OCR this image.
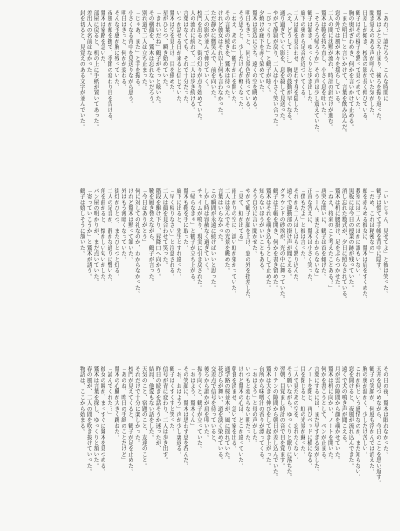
「あれ？」誰だろう、こんな時間に
鷲木はふと立ち止まり、後ろを振り返った。
聞き覚えのある声が呼んでいた気がした。
日差しが傾き、校舎の影が長く伸びている。
鶴子はその様子を黙って見つめていた。
胸の奥がざわめき、何かを言いかけて止める。
「また明日」と言いかけて、言葉を飲み込んだ。
窓の外では風が木々を揺らしている。
二人の間に沈黙が流れ、時計の針だけが進む。
鷲木は鞄を持ち直し、小さく息を吐いた。
「そろそろ帰ろうか」その声は少し震えていた。
鶴子は頷き、ゆっくりと歩き出した。
廊下の奥から足音が近づいてくる。
二人は顔を見合わせ、思わず身を隠した。
（え、どうして……）胸の鼓動が早くなる。
通り過ぎていく影を、息を殺して見送った。
やがて静寂が戻り、二人は小さく笑い合った。
「びっくりした」と鶴子が呟く。
夕焼けが廊下を赤く染めていた。
鷲木は窓辺に立ち、遠くの空を眺める。
明日もきっと、同じ景色が待っている。
そう思うと、少しだけ心が軽くなった。
「ねえ、あのね」鶴子が口を開いた。
その言葉の続きを、鷲木は待った。
けれど彼女はそれ以上何も言わなかった。
ただ静かに微笑んで、前を向いた。
二人の影が並んで伸びていく。
校門を出ると、街の灯りが点り始めていた。
人の流れに紛れて、二人は歩き続ける。
言葉はなくても、それで十分だった。
いつか話せる日が来ると信じていた。
鷲木は空を見上げ、目を細めた。
星がひとつ、瞬き始めていた。
「きれいだね」鶴子がそっと呟いた。
その横顔を、鷲木は忘れないだろう。
別れ道で二人は立ち止まった。
「じゃあ、また」と手を振る。
小さくなる背中を見送りながら思う。
明日はきっと、何かが変わる。
そんな予感が胸に残っていた。
夜風が頬を撫で、季節の変わり目を告げる。
鷲木は家路を急いだ。
部屋に戻ると、机の上に手紙が置いてあった。
差出人の名前はなかった。
封を切ると、見覚えのある文字が並んでいた。
「いいじゃん、見せてよ」と彼は笑った。
鶴子は慌てて手帳を背中に隠す。
「だめ、これは秘密なの」
頬を赤らめる彼女に、鷲木は肩をすくめた。
教室には二人のほかに誰もいない。
黒板には今日の授業の跡が残っていた。
消し忘れた数式が、夕日に照らされている。
鷲木は机に腰掛け、足をぶらつかせた。
「ねえ、将来のこと考えたことある？」
唐突な問いに、鶴子は首を傾げた。
「うーん、まだよくわからないな」
正直な答えに、鷲木は小さく笑った。
「僕もだよ」と彼は言った。
それから二人はしばらく黙り込んだ。
遠くで運動部の掛け声が聞こえる。
グラウンドの砂埃が、光の中に舞っていた。
鶴子は手帳を開き、何かを書き留めた。
鷲木はそれを覗き込もうとして止めた。
知らないほうがいいこともある。
そう自分に言い聞かせた。
やがて鶴子が顔を上げ、窓の外を指差した。
「見て、虹が出てる」
雨上がりの空に、淡い虹が架かっていた。
二人は並んでその光景を眺めた。
言葉はいらなかった。
この瞬間が永遠に続けばいいと思った。
しかし時は容赦なく過ぎていく。
チャイムが鳴り、現実に引き戻された。
「帰らなきゃ」と鶴子が立ち上がる。
鷲木も鞄を手に取った。
廊下に出ると、先生とすれ違った。
「早く帰りなさい」と注意される。
二人は顔を見合わせて笑った。
階段を駆け下り、昇降口へ向かう。
靴を履き替えながら、鶴子が言った。
「今日はありがとう」
何に対しての礼なのか、わからなかった。
けれど鷲木は黙って頷いた。
外はもう薄暗くなっていた。
街灯がひとつ、またひとつと灯る。
二人の足音が、静かな通りに響いた。
角を曲がると、懐かしい匂いがした。
パン屋の明かりが、まだ点いていた。
「寄っていこうか」と鷲木が誘う。
鶴子は嬉しそうに頷いた。
その日の夜、鷲木は眠れなかった。
天井を見つめながら、今日のことを思い返す。
鶴子の笑顔が、何度も浮かんでは消えた。
胸の奥が温かく、少しだけ苦しい。
これが何という感情なのか、まだ知らない。
窓を開けると、夜風が流れ込んできた。
遠くで犬の鳴き声が聞こえる。
月が雲の隙間から顔を覗かせていた。
鷲木は机に向かい、ノートを開いた。
何かを書こうとして、ペンが止まる。
言葉にするには、まだ早すぎる気がした。
ノートを閉じ、再びベッドに横になる。
目を閉じると、虹の光景が蘇った。
二人で見たあの空を、忘れたくない。
そう願いながら、ゆっくりと眠りに落ちた。
翌朝、目覚まし時計の音で目を覚ます。
カーテンの隙間から朝日が差し込んでいた。
鷲木は大きく伸びをして起き上がった。
台所から味噌汁の香りが漂ってくる。
「おはよう」と母の声がした。
いつもと変わらない朝だった。
けれど鷲木の心は、どこか違っていた。
朝食を済ませ、急いで家を出る。
通学路の桜並木が、風に揺れていた。
花びらが舞い、道を淡く染めている。
交差点で信号を待っていると、
後ろから誰かが肩を叩いた。
振り向くと、鶴子が立っていた。
「おはよう、鷲木くん」
その笑顔に、鷲木は思わず息を呑んだ。
「お、おはよう」声が少し裏返る。
鶴子はくすくすと笑った。
信号が青に変わり、二人は歩き出す。
昨日の続きを話そうか迷ったが、
結局、他愛もない話をした。
天気のこと、宿題のこと、友達のこと。
それだけで十分に楽しかった。
校門が見えてくると、鶴子が足を止めた。
「あのね、昨日の手紙のことだけど」
鷲木の心臓が大きく跳ねた。
「読んでくれた？」
彼女の瞳が、まっすぐに鷲木を見つめる。
鷲木は言葉を探し、ゆっくりと頷いた。
春の風が、二人の間を吹き抜けていった。
物語は、ここから始まる。
